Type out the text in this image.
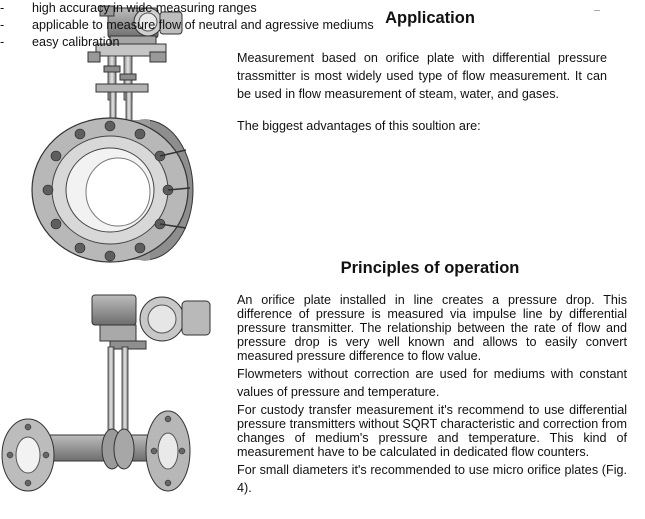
Application

Measurement based on orifice plate with differential pressure trassmitter is most widely used type of flow measurement. It can be used in flow measurement of steam, water, and gases.

The biggest advantages of this soultion are:

- high accuracy in wide measuring ranges
- applicable to measure flow of neutral and agressive mediums
- easy calibration
Principles of operation

An orifice plate installed in line creates a pressure drop. This difference of pressure is measured via impulse line by differential pressure transmitter. The relationship between the rate of flow and pressure drop is very well known and allows to easily convert measured pressure difference to flow value.

Flowmeters without correction are used for mediums with constant values of pressure and temperature.

For custody transfer measurement it's recommend to use differential pressure transmitters without SQRT characteristic and correction from changes of medium's pressure and temperature. This kind of measurement have to be calculated in dedicated flow counters.

For small diameters it's recommended to use micro orifice plates (Fig. 4).
